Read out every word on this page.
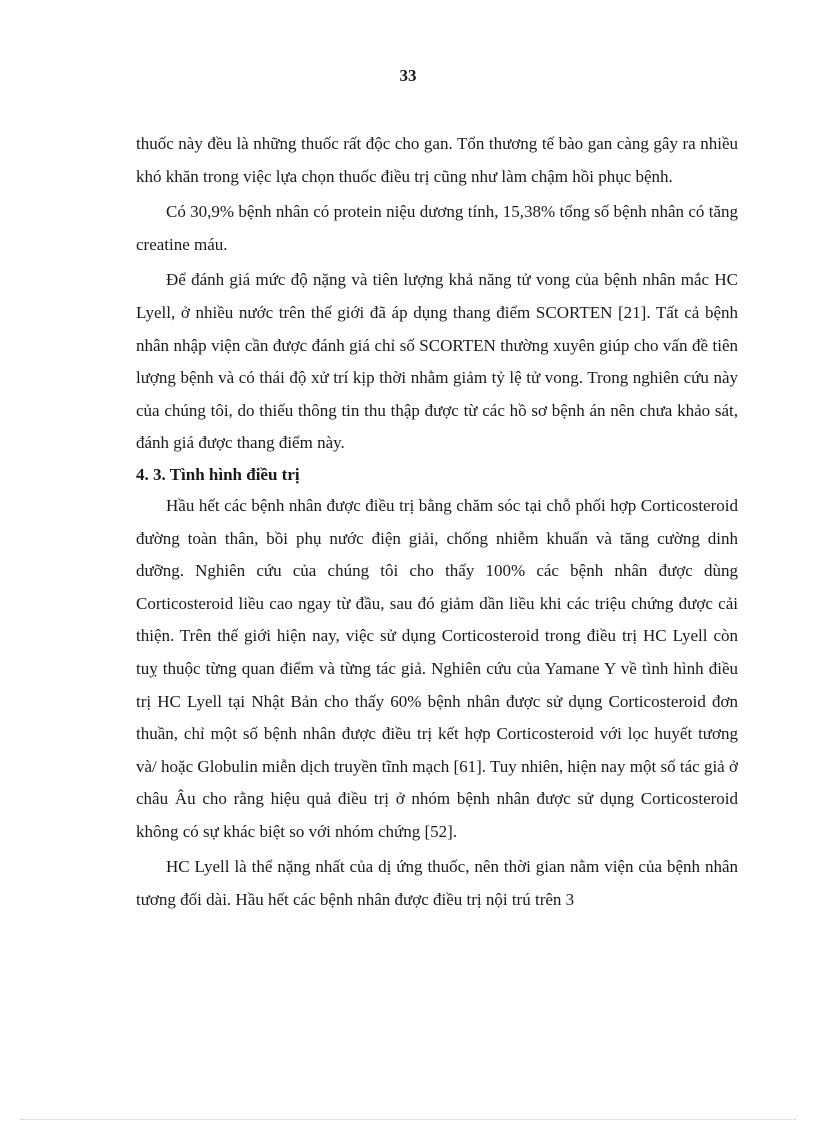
33

thuốc này đều là những thuốc rất độc cho gan. Tổn thương tế bào gan càng gây ra nhiều khó khăn trong việc lựa chọn thuốc điều trị cũng như làm chậm hồi phục bệnh.

Có 30,9% bệnh nhân có protein niệu dương tính, 15,38% tổng số bệnh nhân có tăng creatine máu.

Để đánh giá mức độ nặng và tiên lượng khả năng tử vong của bệnh nhân mắc HC Lyell, ở nhiều nước trên thế giới đã áp dụng thang điểm SCORTEN [21]. Tất cả bệnh nhân nhập viện cần được đánh giá chỉ số SCORTEN thường xuyên giúp cho vấn đề tiên lượng bệnh và có thái độ xử trí kịp thời nhằm giảm tỷ lệ tử vong. Trong nghiên cứu này của chúng tôi, do thiếu thông tin thu thập được từ các hồ sơ bệnh án nên chưa khảo sát, đánh giá được thang điểm này.

4. 3. Tình hình điều trị

Hầu hết các bệnh nhân được điều trị bằng chăm sóc tại chỗ phối hợp Corticosteroid đường toàn thân, bồi phụ nước điện giải, chống nhiễm khuẩn và tăng cường dinh dưỡng. Nghiên cứu của chúng tôi cho thấy 100% các bệnh nhân được dùng Corticosteroid liều cao ngay từ đầu, sau đó giảm dần liều khi các triệu chứng được cải thiện. Trên thế giới hiện nay, việc sử dụng Corticosteroid trong điều trị HC Lyell còn tuỵ thuộc từng quan điểm và từng tác giả. Nghiên cứu của Yamane Y về tình hình điều trị HC Lyell tại Nhật Bản cho thấy 60% bệnh nhân được sử dụng Corticosteroid đơn thuần, chỉ một số bệnh nhân được điều trị kết hợp Corticosteroid với lọc huyết tương và/ hoặc Globulin miễn dịch truyền tĩnh mạch [61]. Tuy nhiên, hiện nay một số tác giả ở châu Âu cho rằng hiệu quả điều trị ở nhóm bệnh nhân được sử dụng Corticosteroid không có sự khác biệt so với nhóm chứng [52].

HC Lyell là thể nặng nhất của dị ứng thuốc, nên thời gian nằm viện của bệnh nhân tương đối dài. Hầu hết các bệnh nhân được điều trị nội trú trên 3
